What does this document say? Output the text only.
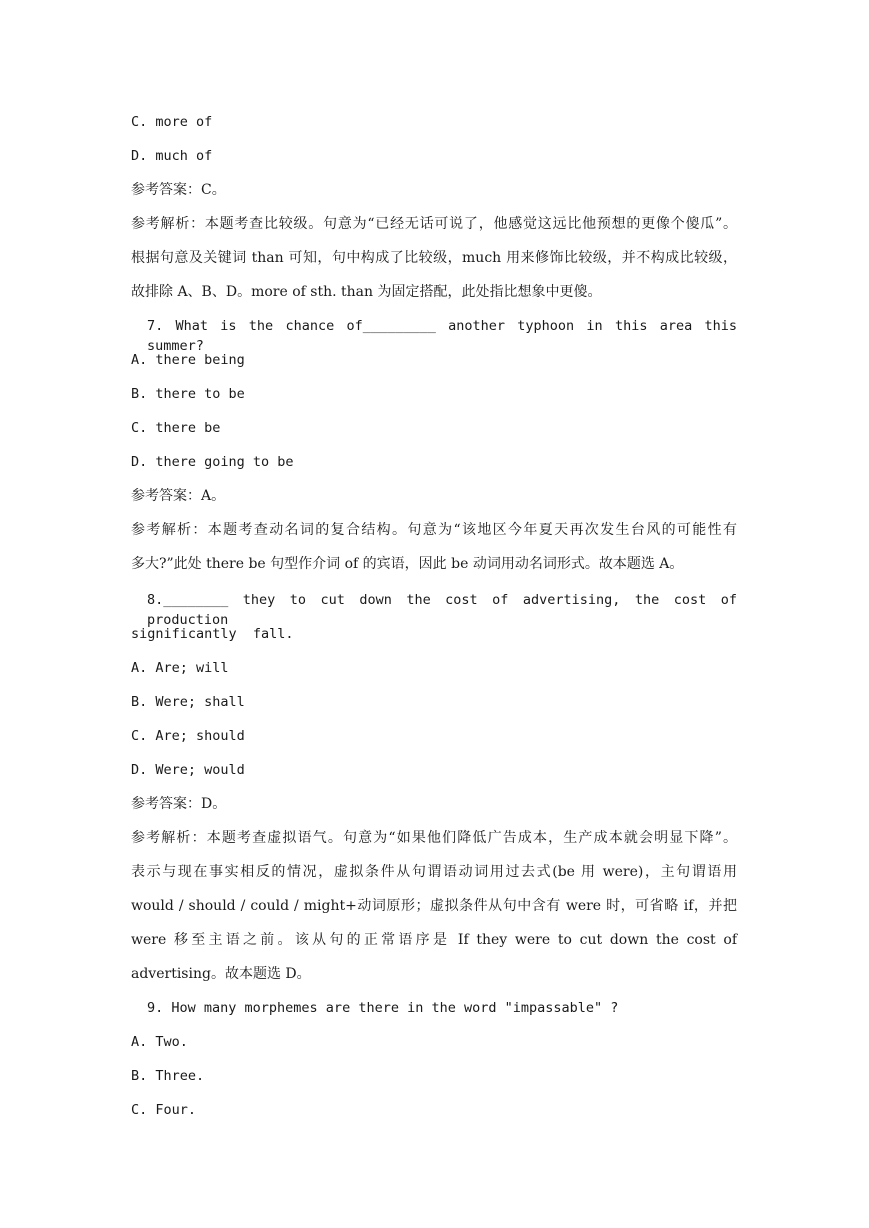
C. more of
D. much of
参考答案：C。
参考解析：本题考查比较级。句意为“已经无话可说了，他感觉这远比他预想的更像个傻瓜”。
根据句意及关键词 than 可知，句中构成了比较级，much 用来修饰比较级，并不构成比较级，
故排除 A、B、D。more of sth. than 为固定搭配，此处指比想象中更傻。
7. What is the chance of_________ another typhoon in this area this summer?
A. there being
B. there to be
C. there be
D. there going to be
参考答案：A。
参考解析：本题考查动名词的复合结构。句意为“该地区今年夏天再次发生台风的可能性有
多大?”此处 there be 句型作介词 of 的宾语，因此 be 动词用动名词形式。故本题选 A。
8.________ they to cut down the cost of advertising, the cost of production
significantly  fall.
A. Are; will
B. Were; shall
C. Are; should
D. Were; would
参考答案：D。
参考解析：本题考查虚拟语气。句意为“如果他们降低广告成本，生产成本就会明显下降”。
表示与现在事实相反的情况，虚拟条件从句谓语动词用过去式(be 用 were)，主句谓语用
would / should / could / might+动词原形；虚拟条件从句中含有 were 时，可省略 if，并把
were 移至主语之前。该从句的正常语序是 If they were to cut down the cost of
advertising。故本题选 D。
9. How many morphemes are there in the word "impassable" ?
A. Two.
B. Three.
C. Four.
